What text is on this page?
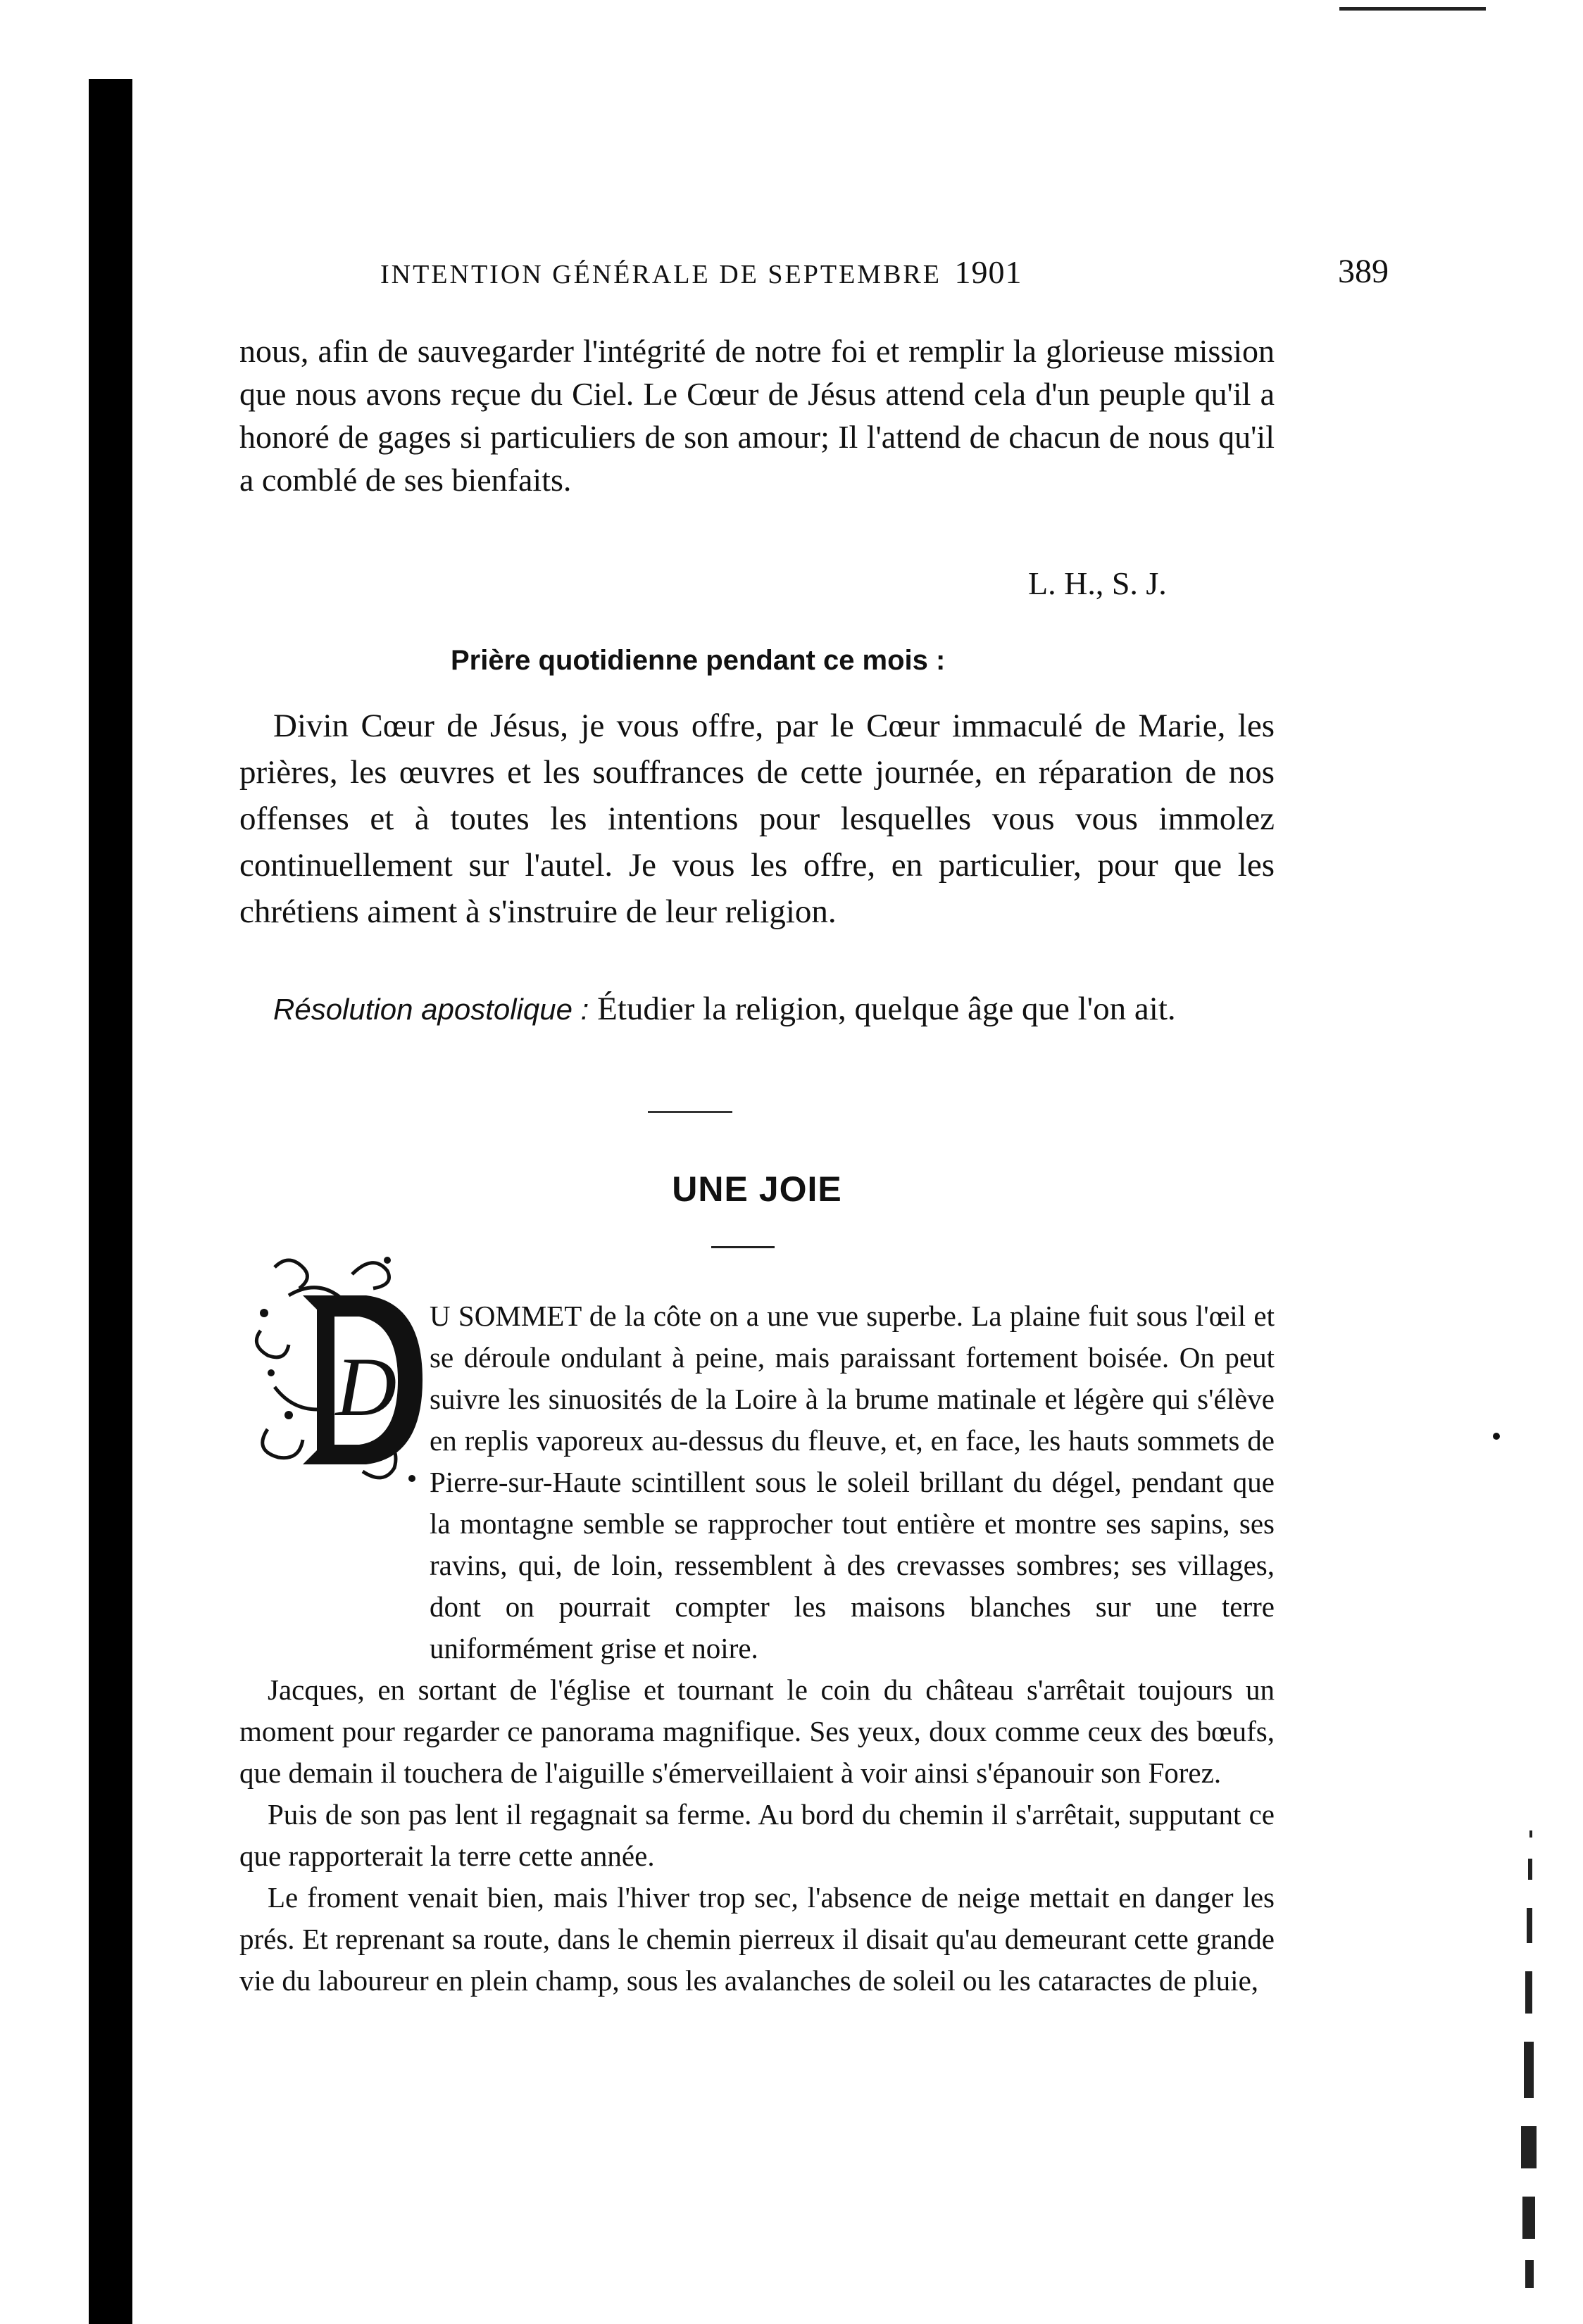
INTENTION GÉNÉRALE DE SEPTEMBRE 1901	389
nous, afin de sauvegarder l'intégrité de notre foi et remplir la glorieuse mission que nous avons reçue du Ciel. Le Cœur de Jésus attend cela d'un peuple qu'il a honoré de gages si particuliers de son amour; Il l'attend de chacun de nous qu'il a comblé de ses bienfaits.
L. H., S. J.
Prière quotidienne pendant ce mois :
Divin Cœur de Jésus, je vous offre, par le Cœur immaculé de Marie, les prières, les œuvres et les souffrances de cette journée, en réparation de nos offenses et à toutes les intentions pour lesquelles vous vous immolez continuellement sur l'autel. Je vous les offre, en particulier, pour que les chrétiens aiment à s'instruire de leur religion.
Résolution apostolique : Étudier la religion, quelque âge que l'on ait.
UNE JOIE
D

U SOMMET de la côte on a une vue superbe. La plaine fuit sous l'œil et se déroule ondulant à peine, mais paraissant fortement boisée. On peut suivre les sinuosités de la Loire à la brume matinale et légère qui s'élève en replis vaporeux au-dessus du fleuve, et, en face, les hauts sommets de Pierre-sur-Haute scintillent sous le soleil brillant du dégel, pendant que la montagne semble se rapprocher tout entière et montre ses sapins, ses ravins, qui, de loin, ressemblent à des crevasses sombres; ses villages, dont on pourrait compter les maisons blanches sur une terre uniformément grise et noire.

Jacques, en sortant de l'église et tournant le coin du château s'arrêtait toujours un moment pour regarder ce panorama magnifique. Ses yeux, doux comme ceux des bœufs, que demain il touchera de l'aiguille s'émerveillaient à voir ainsi s'épanouir son Forez.

Puis de son pas lent il regagnait sa ferme. Au bord du chemin il s'arrêtait, supputant ce que rapporterait la terre cette année.

Le froment venait bien, mais l'hiver trop sec, l'absence de neige mettait en danger les prés. Et reprenant sa route, dans le chemin pierreux il disait qu'au demeurant cette grande vie du laboureur en plein champ, sous les avalanches de soleil ou les cataractes de pluie,
